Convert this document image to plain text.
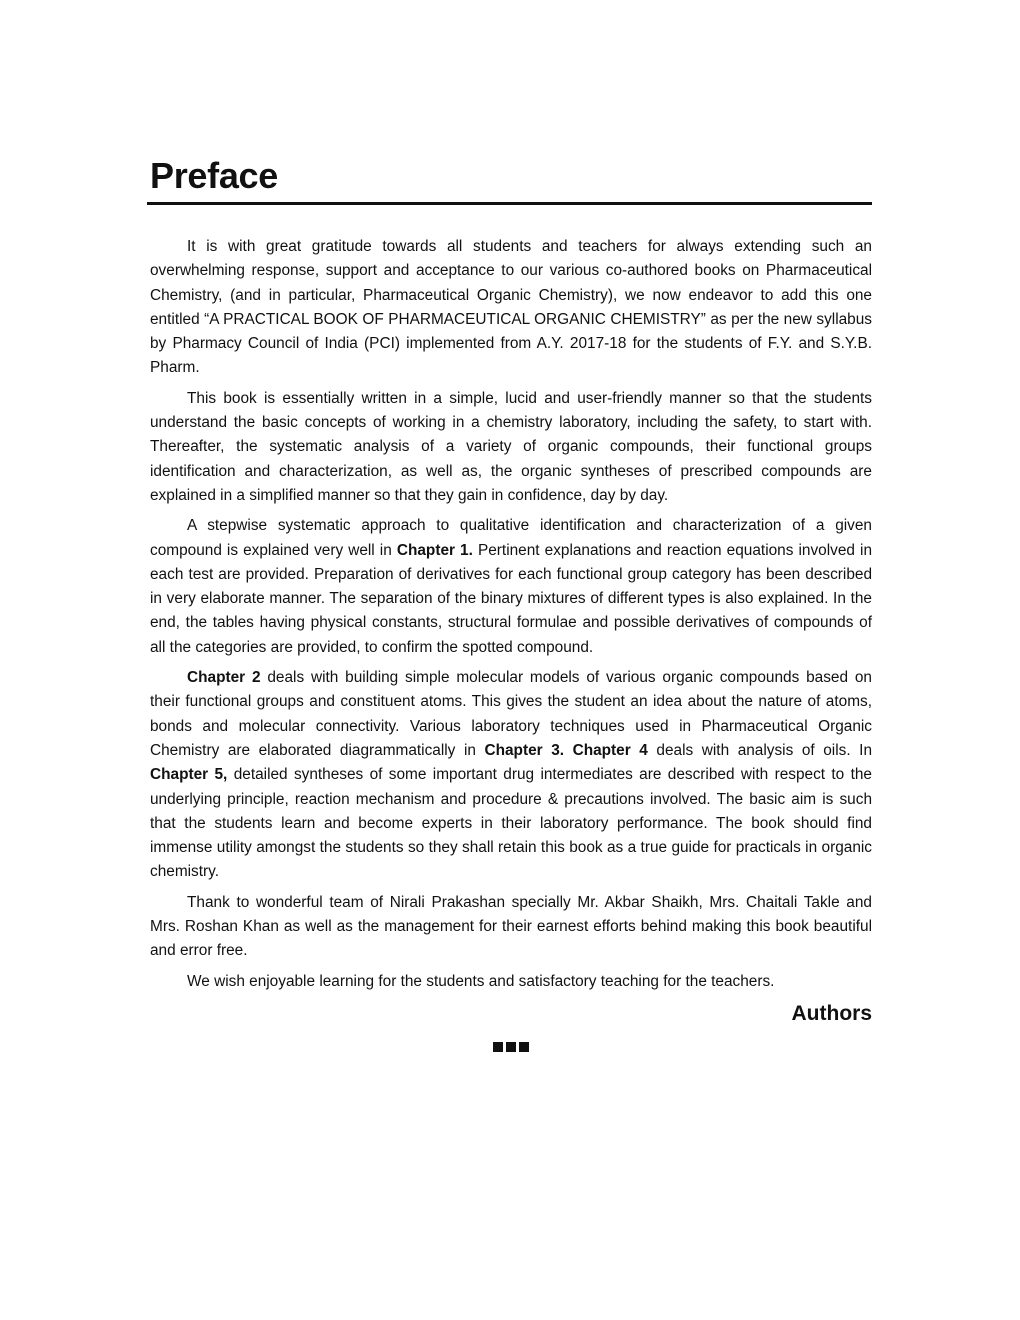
Preface

It is with great gratitude towards all students and teachers for always extending such an overwhelming response, support and acceptance to our various co-authored books on Pharmaceutical Chemistry, (and in particular, Pharmaceutical Organic Chemistry), we now endeavor to add this one entitled “A PRACTICAL BOOK OF PHARMACEUTICAL ORGANIC CHEMISTRY” as per the new syllabus by Pharmacy Council of India (PCI) implemented from A.Y. 2017-18 for the students of F.Y. and S.Y.B. Pharm.

This book is essentially written in a simple, lucid and user-friendly manner so that the students understand the basic concepts of working in a chemistry laboratory, including the safety, to start with. Thereafter, the systematic analysis of a variety of organic compounds, their functional groups identification and characterization, as well as, the organic syntheses of prescribed compounds are explained in a simplified manner so that they gain in confidence, day by day.

A stepwise systematic approach to qualitative identification and characterization of a given compound is explained very well in Chapter 1. Pertinent explanations and reaction equations involved in each test are provided. Preparation of derivatives for each functional group category has been described in very elaborate manner. The separation of the binary mixtures of different types is also explained. In the end, the tables having physical constants, structural formulae and possible derivatives of compounds of all the categories are provided, to confirm the spotted compound.

Chapter 2 deals with building simple molecular models of various organic compounds based on their functional groups and constituent atoms. This gives the student an idea about the nature of atoms, bonds and molecular connectivity. Various laboratory techniques used in Pharmaceutical Organic Chemistry are elaborated diagrammatically in Chapter 3. Chapter 4 deals with analysis of oils. In Chapter 5, detailed syntheses of some important drug intermediates are described with respect to the underlying principle, reaction mechanism and procedure & precautions involved. The basic aim is such that the students learn and become experts in their laboratory performance. The book should find immense utility amongst the students so they shall retain this book as a true guide for practicals in organic chemistry.

Thank to wonderful team of Nirali Prakashan specially Mr. Akbar Shaikh, Mrs. Chaitali Takle and Mrs. Roshan Khan as well as the management for their earnest efforts behind making this book beautiful and error free.

We wish enjoyable learning for the students and satisfactory teaching for the teachers.

Authors
